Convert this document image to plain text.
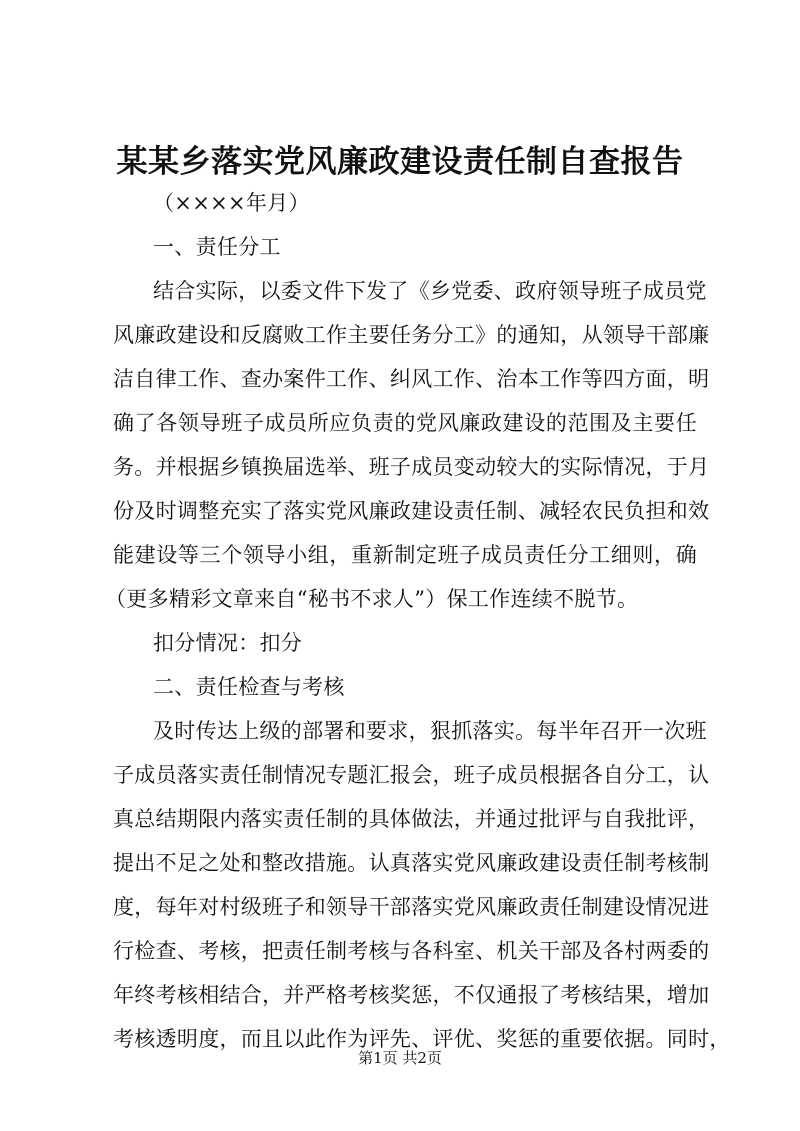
某某乡落实党风廉政建设责任制自查报告
（××××年月）
一、责任分工
结合实际，以委文件下发了《乡党委、政府领导班子成员党
风廉政建设和反腐败工作主要任务分工》的通知，从领导干部廉
洁自律工作、查办案件工作、纠风工作、治本工作等四方面，明
确了各领导班子成员所应负责的党风廉政建设的范围及主要任
务。并根据乡镇换届选举、班子成员变动较大的实际情况，于月
份及时调整充实了落实党风廉政建设责任制、减轻农民负担和效
能建设等三个领导小组，重新制定班子成员责任分工细则，确
（更多精彩文章来自“秘书不求人”）保工作连续不脱节。
扣分情况：扣分
二、责任检查与考核
及时传达上级的部署和要求，狠抓落实。每半年召开一次班
子成员落实责任制情况专题汇报会，班子成员根据各自分工，认
真总结期限内落实责任制的具体做法，并通过批评与自我批评，
提出不足之处和整改措施。认真落实党风廉政建设责任制考核制
度，每年对村级班子和领导干部落实党风廉政责任制建设情况进
行检查、考核，把责任制考核与各科室、机关干部及各村两委的
年终考核相结合，并严格考核奖惩，不仅通报了考核结果，增加
考核透明度，而且以此作为评先、评优、奖惩的重要依据。同时，
第1页 共2页
